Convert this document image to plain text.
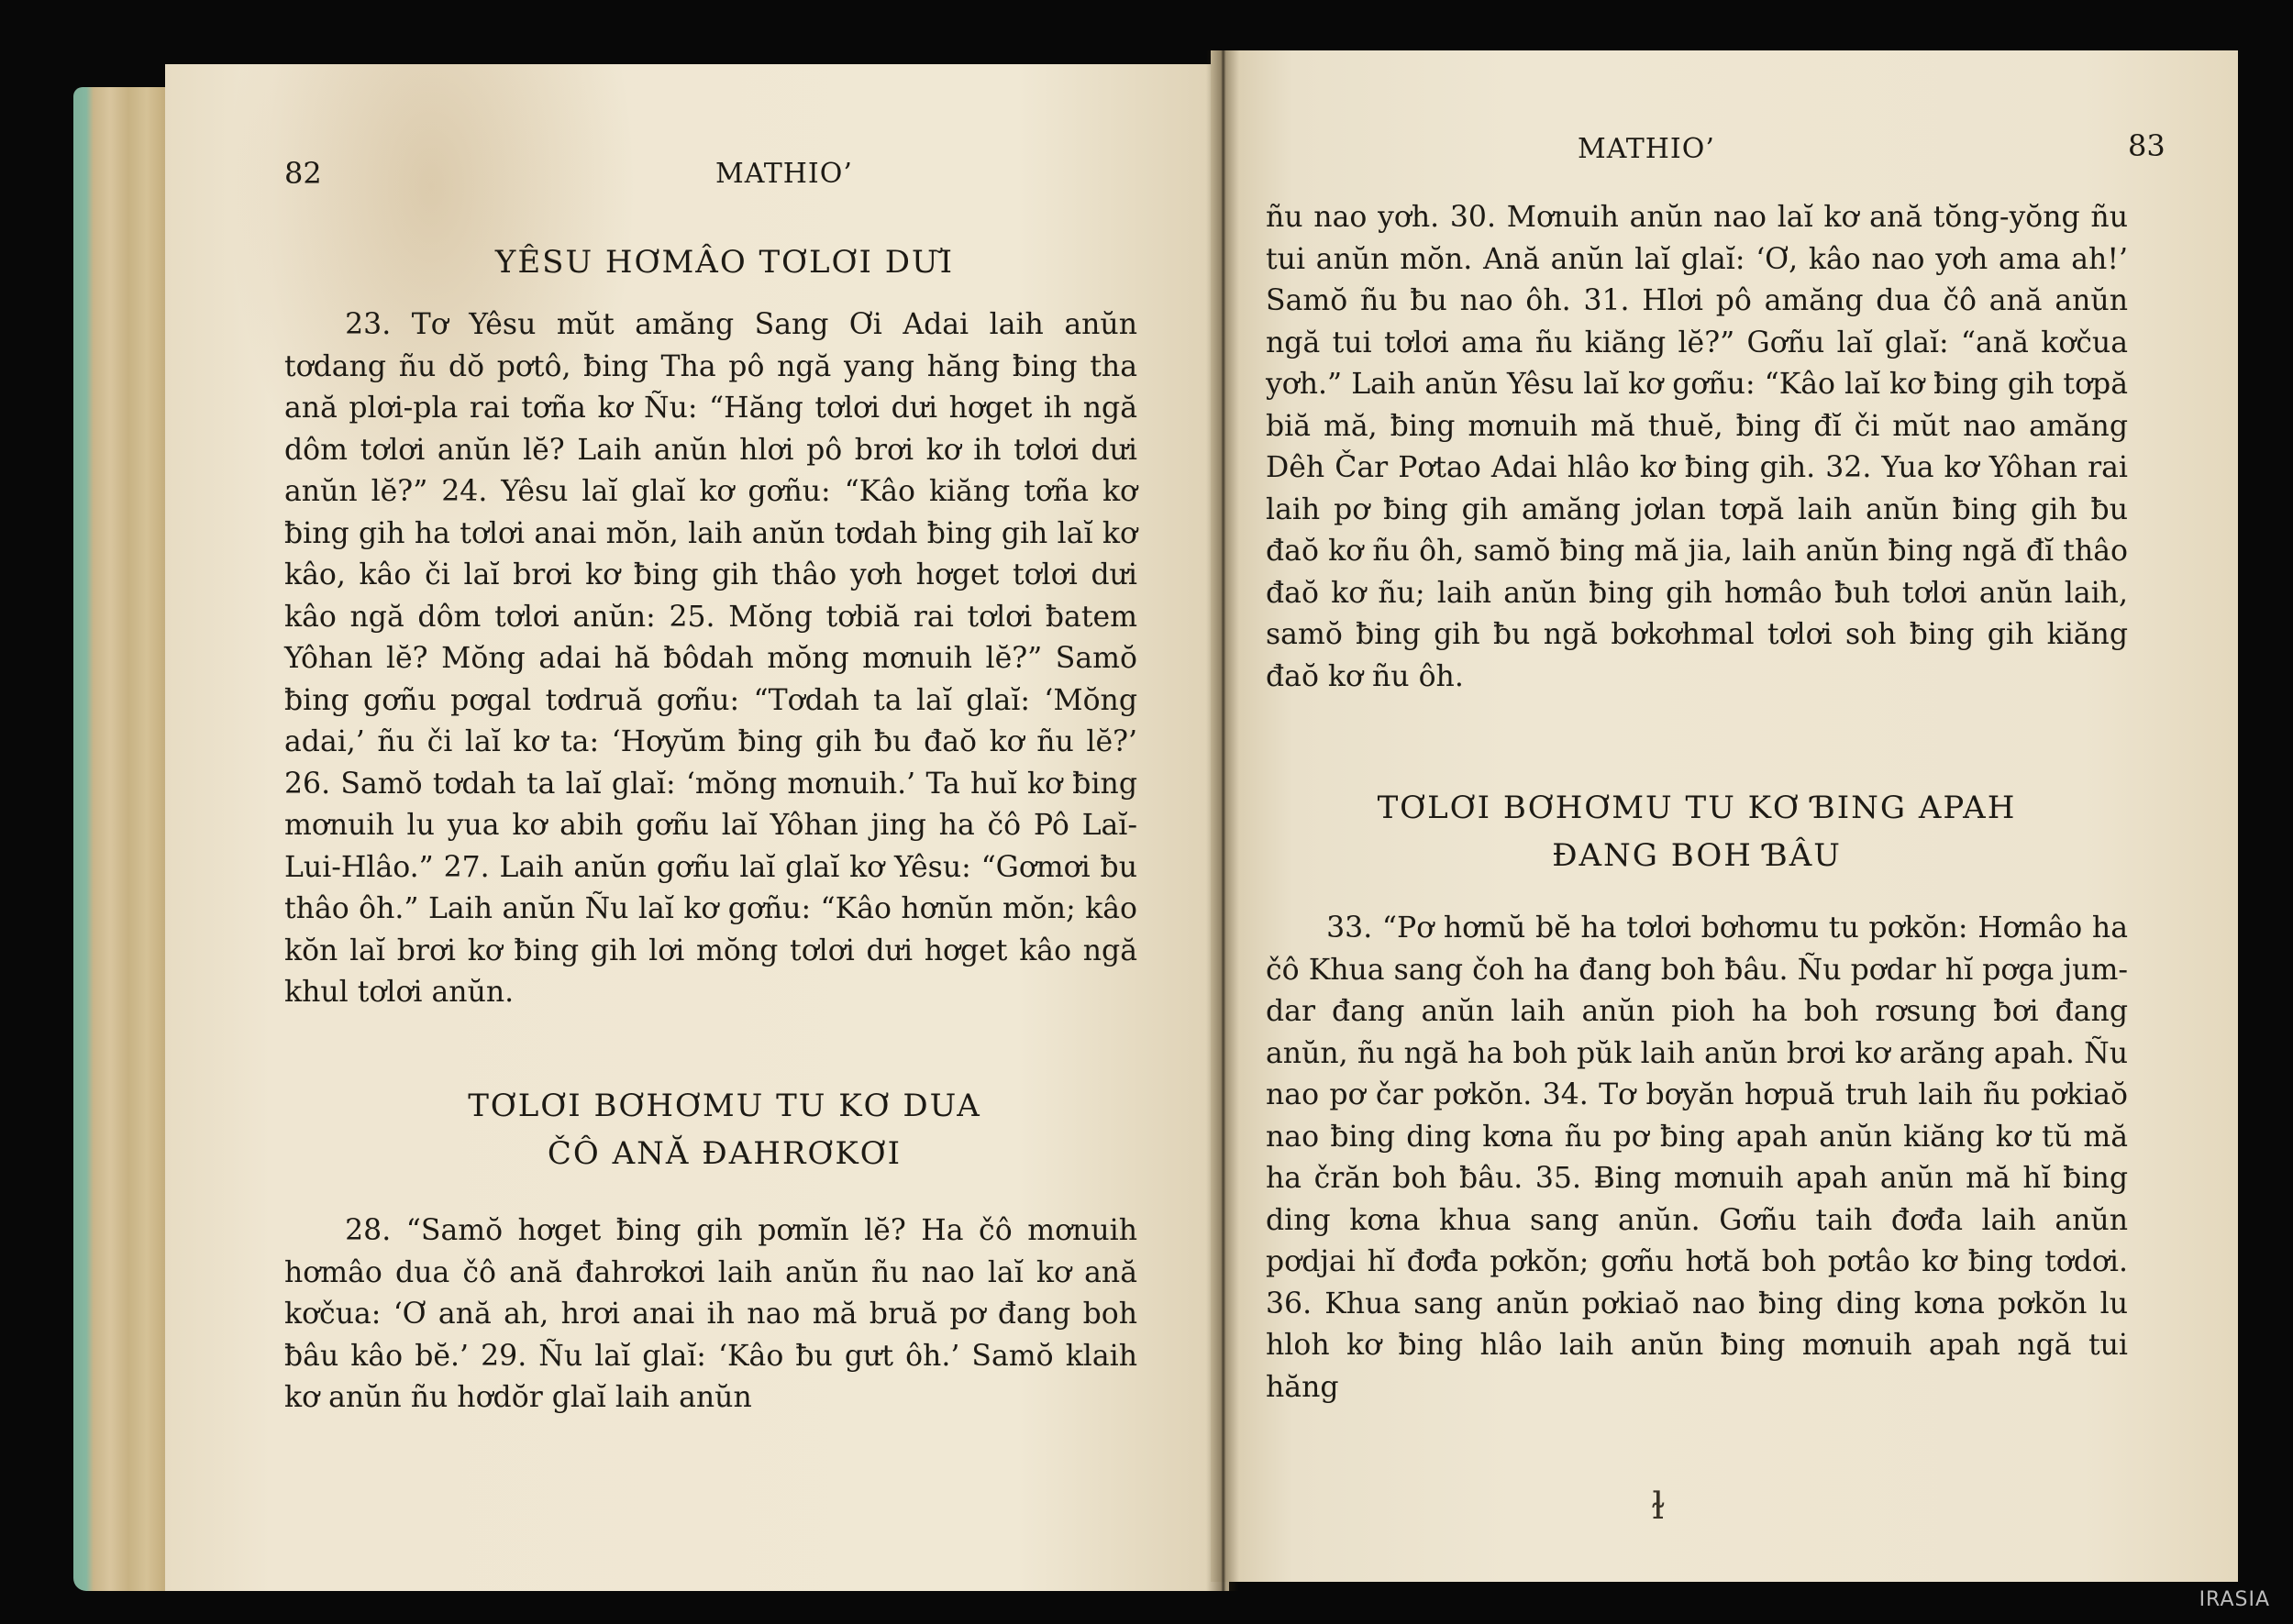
82	MATHIO’
YÊSU HƠMÂO TƠLƠI DƯI

23. Tơ Yêsu mŭt amăng Sang Ơi Adai laih anŭn tơdang ñu dŏ pơtô, ƀing Tha pô ngă yang hăng ƀing tha ană plơi-pla rai tơña kơ Ñu: “Hăng tơlơi dưi hơget ih ngă dôm tơlơi anŭn lĕ? Laih anŭn hlơi pô brơi kơ ih tơlơi dưi anŭn lĕ?” 24. Yêsu laĭ glaĭ kơ gơñu: “Kâo kiăng tơña kơ ƀing gih ha tơlơi anai mŏn, laih anŭn tơdah ƀing gih laĭ kơ kâo, kâo či laĭ brơi kơ ƀing gih thâo yơh hơget tơlơi dưi kâo ngă dôm tơlơi anŭn: 25. Mŏng tơbiă rai tơlơi ƀatem Yôhan lĕ? Mŏng adai hă ƀôdah mŏng mơnuih lĕ?” Samŏ ƀing gơñu pơgal tơdruă gơñu: “Tơdah ta laĭ glaĭ: ‘Mŏng adai,’ ñu či laĭ kơ ta: ‘Hơyŭm ƀing gih ƀu đaŏ kơ ñu lĕ?’ 26. Samŏ tơdah ta laĭ glaĭ: ‘mŏng mơnuih.’ Ta huĭ kơ ƀing mơnuih lu yua kơ abih gơñu laĭ Yôhan jing ha čô Pô Laĭ-Lui-Hlâo.” 27. Laih anŭn gơñu laĭ glaĭ kơ Yêsu: “Gơmơi ƀu thâo ôh.” Laih anŭn Ñu laĭ kơ gơñu: “Kâo hơnŭn mŏn; kâo kŏn laĭ brơi kơ ƀing gih lơi mŏng tơlơi dưi hơget kâo ngă khul tơlơi anŭn.

TƠLƠI BƠHƠMU TU KƠ DUA
ČÔ ANĂ ĐAHRƠKƠI

28. “Samŏ hơget ƀing gih pơmĭn lĕ? Ha čô mơnuih hơmâo dua čô ană đahrơkơi laih anŭn ñu nao laĭ kơ ană kơčua: ‘Ơ ană ah, hrơi anai ih nao mă bruă pơ đang boh ƀâu kâo bĕ.’ 29. Ñu laĭ glaĭ: ‘Kâo ƀu gưt ôh.’ Samŏ klaih kơ anŭn ñu hơdŏr glaĭ laih anŭn

MATHIO’	83

ñu nao yơh. 30. Mơnuih anŭn nao laĭ kơ ană tŏng-yŏng ñu tui anŭn mŏn. Ană anŭn laĭ glaĭ: ‘Ơ, kâo nao yơh ama ah!’ Samŏ ñu ƀu nao ôh. 31. Hlơi pô amăng dua čô ană anŭn ngă tui tơlơi ama ñu kiăng lĕ?” Gơñu laĭ glaĭ: “ană kơčua yơh.” Laih anŭn Yêsu laĭ kơ gơñu: “Kâo laĭ kơ ƀing gih tơpă biă mă, ƀing mơnuih mă thuĕ, ƀing đĭ či mŭt nao amăng Dêh Čar Pơtao Adai hlâo kơ ƀing gih. 32. Yua kơ Yôhan rai laih pơ ƀing gih amăng jơlan tơpă laih anŭn ƀing gih ƀu đaŏ kơ ñu ôh, samŏ ƀing mă jia, laih anŭn ƀing ngă đĭ thâo đaŏ kơ ñu; laih anŭn ƀing gih hơmâo ƀuh tơlơi anŭn laih, samŏ ƀing gih ƀu ngă bơkơhmal tơlơi soh ƀing gih kiăng đaŏ kơ ñu ôh.

TƠLƠI BƠHƠMU TU KƠ ƁING APAH
ĐANG BOH ƁÂU

33. “Pơ hơmŭ bĕ ha tơlơi bơhơmu tu pơkŏn: Hơmâo ha čô Khua sang čoh ha đang boh ƀâu. Ñu pơdar hĭ pơga jum-dar đang anŭn laih anŭn pioh ha boh rơsung ƀơi đang anŭn, ñu ngă ha boh pŭk laih anŭn brơi kơ arăng apah. Ñu nao pơ čar pơkŏn. 34. Tơ bơyăn hơpuă truh laih ñu pơkiaŏ nao ƀing ding kơna ñu pơ ƀing apah anŭn kiăng kơ tŭ mă ha črăn boh ƀâu. 35. Ƀing mơnuih apah anŭn mă hĭ ƀing ding kơna khua sang anŭn. Gơñu taih đơđa laih anŭn pơdjai hĭ đơđa pơkŏn; gơñu hơtă boh pơtâo kơ ƀing tơdơi. 36. Khua sang anŭn pơkiaŏ nao ƀing ding kơna pơkŏn lu hloh kơ ƀing hlâo laih anŭn ƀing mơnuih apah ngă tui hăng

ɫ
IRASIA
